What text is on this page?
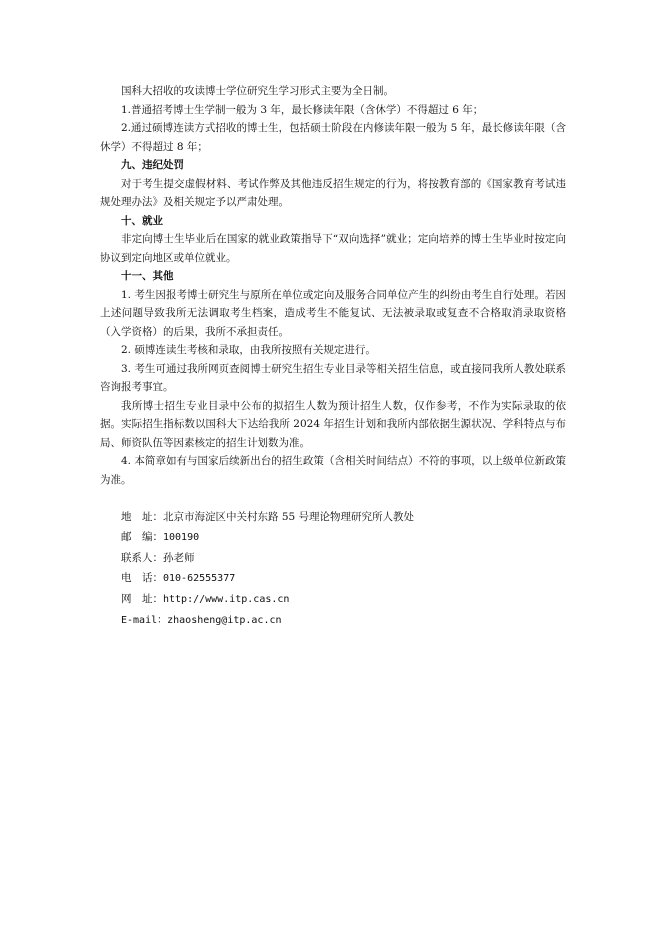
国科大招收的攻读博士学位研究生学习形式主要为全日制。

1.普通招考博士生学制一般为 3 年，最长修读年限（含休学）不得超过 6 年；

2.通过硕博连读方式招收的博士生，包括硕士阶段在内修读年限一般为 5 年，最长修读年限（含休学）不得超过 8 年；

九、违纪处罚

对于考生提交虚假材料、考试作弊及其他违反招生规定的行为，将按教育部的《国家教育考试违规处理办法》及相关规定予以严肃处理。

十、就业

非定向博士生毕业后在国家的就业政策指导下“双向选择”就业；定向培养的博士生毕业时按定向协议到定向地区或单位就业。

十一、其他

1. 考生因报考博士研究生与原所在单位或定向及服务合同单位产生的纠纷由考生自行处理。若因上述问题导致我所无法调取考生档案，造成考生不能复试、无法被录取或复查不合格取消录取资格（入学资格）的后果，我所不承担责任。

2. 硕博连读生考核和录取，由我所按照有关规定进行。

3. 考生可通过我所网页查阅博士研究生招生专业目录等相关招生信息，或直接同我所人教处联系咨询报考事宜。

我所博士招生专业目录中公布的拟招生人数为预计招生人数，仅作参考，不作为实际录取的依据。实际招生指标数以国科大下达给我所 2024 年招生计划和我所内部依据生源状况、学科特点与布局、师资队伍等因素核定的招生计划数为准。

4. 本简章如有与国家后续新出台的招生政策（含相关时间结点）不符的事项，以上级单位新政策为准。

地　址：北京市海淀区中关村东路 55 号理论物理研究所人教处
邮　编：100190
联系人：孙老师
电　话：010-62555377
网　址：http://www.itp.cas.cn
E-mail：zhaosheng@itp.ac.cn
